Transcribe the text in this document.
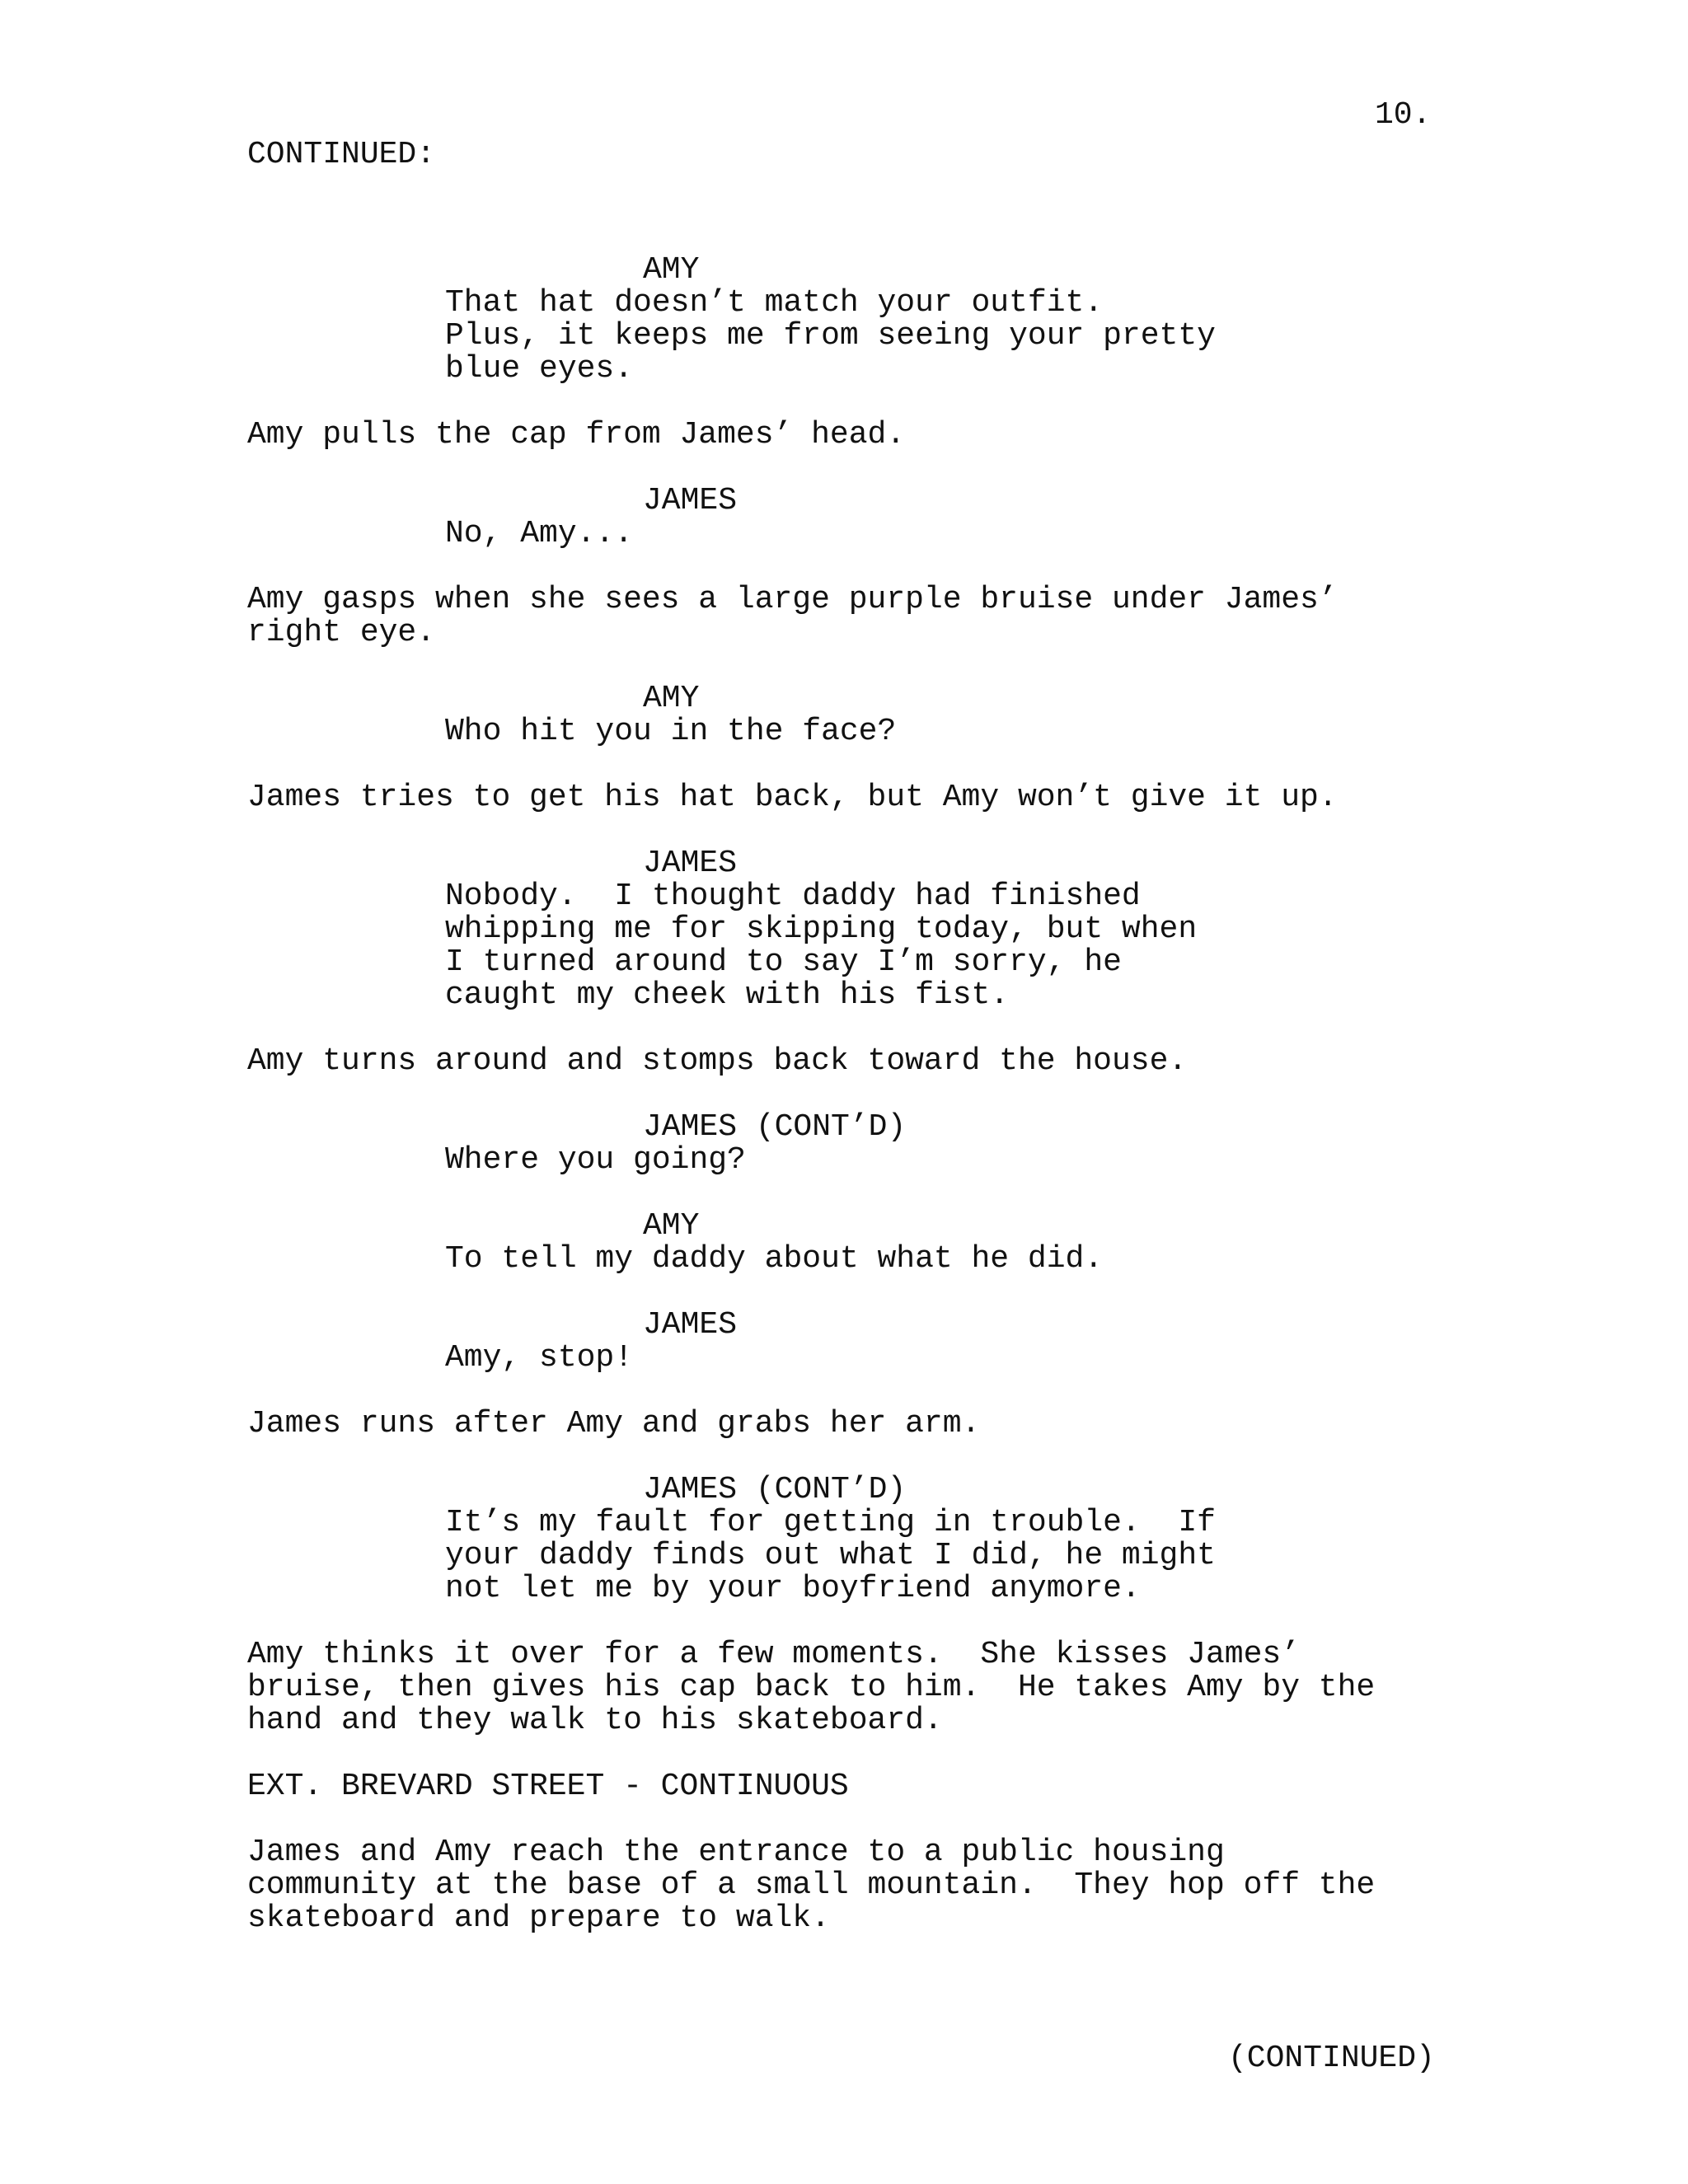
10.
CONTINUED:
AMY
That hat doesn’t match your outfit.
Plus, it keeps me from seeing your pretty
blue eyes.
Amy pulls the cap from James’ head.
JAMES
No, Amy...
Amy gasps when she sees a large purple bruise under James’
right eye.
AMY
Who hit you in the face?
James tries to get his hat back, but Amy won’t give it up.
JAMES
Nobody.  I thought daddy had finished
whipping me for skipping today, but when
I turned around to say I’m sorry, he
caught my cheek with his fist.
Amy turns around and stomps back toward the house.
JAMES (CONT’D)
Where you going?
AMY
To tell my daddy about what he did.
JAMES
Amy, stop!
James runs after Amy and grabs her arm.
JAMES (CONT’D)
It’s my fault for getting in trouble.  If
your daddy finds out what I did, he might
not let me by your boyfriend anymore.
Amy thinks it over for a few moments.  She kisses James’
bruise, then gives his cap back to him.  He takes Amy by the
hand and they walk to his skateboard.
EXT. BREVARD STREET - CONTINUOUS
James and Amy reach the entrance to a public housing
community at the base of a small mountain.  They hop off the
skateboard and prepare to walk.
(CONTINUED)
